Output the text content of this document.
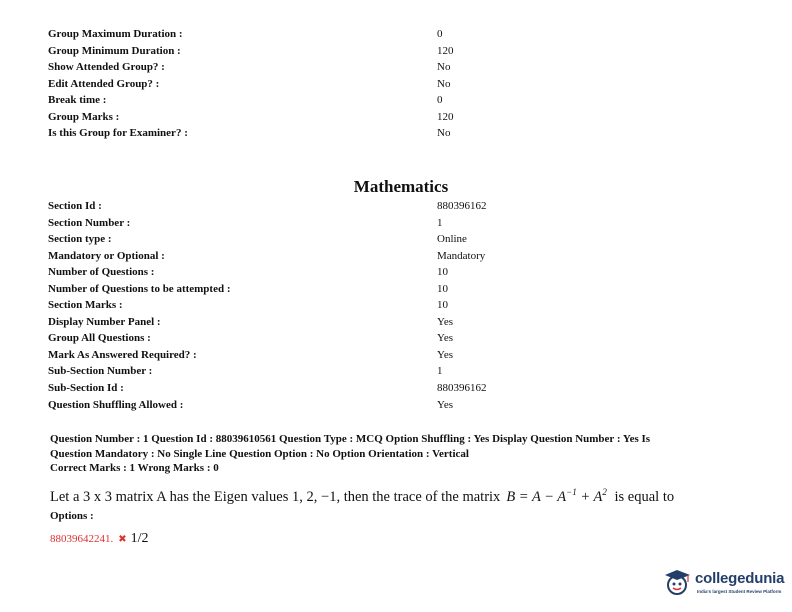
Group Maximum Duration :	0
Group Minimum Duration :	120
Show Attended Group? :	No
Edit Attended Group? :	No
Break time :	0
Group Marks :	120
Is this Group for Examiner? :	No
Mathematics
Section Id :	880396162
Section Number :	1
Section type :	Online
Mandatory or Optional :	Mandatory
Number of Questions :	10
Number of Questions to be attempted :	10
Section Marks :	10
Display Number Panel :	Yes
Group All Questions :	Yes
Mark As Answered Required? :	Yes
Sub-Section Number :	1
Sub-Section Id :	880396162
Question Shuffling Allowed :	Yes
Question Number : 1 Question Id : 88039610561 Question Type : MCQ Option Shuffling : Yes Display Question Number : Yes Is
Question Mandatory : No Single Line Question Option : No Option Orientation : Vertical
Correct Marks : 1 Wrong Marks : 0
Let a 3 x 3 matrix A has the Eigen values 1, 2, −1, then the trace of the matrix $B = A - A^{-1} + A^2$ is equal to
Options :
88039642241. ✖ 1/2
collegedunia
India's largest Student Review Platform
